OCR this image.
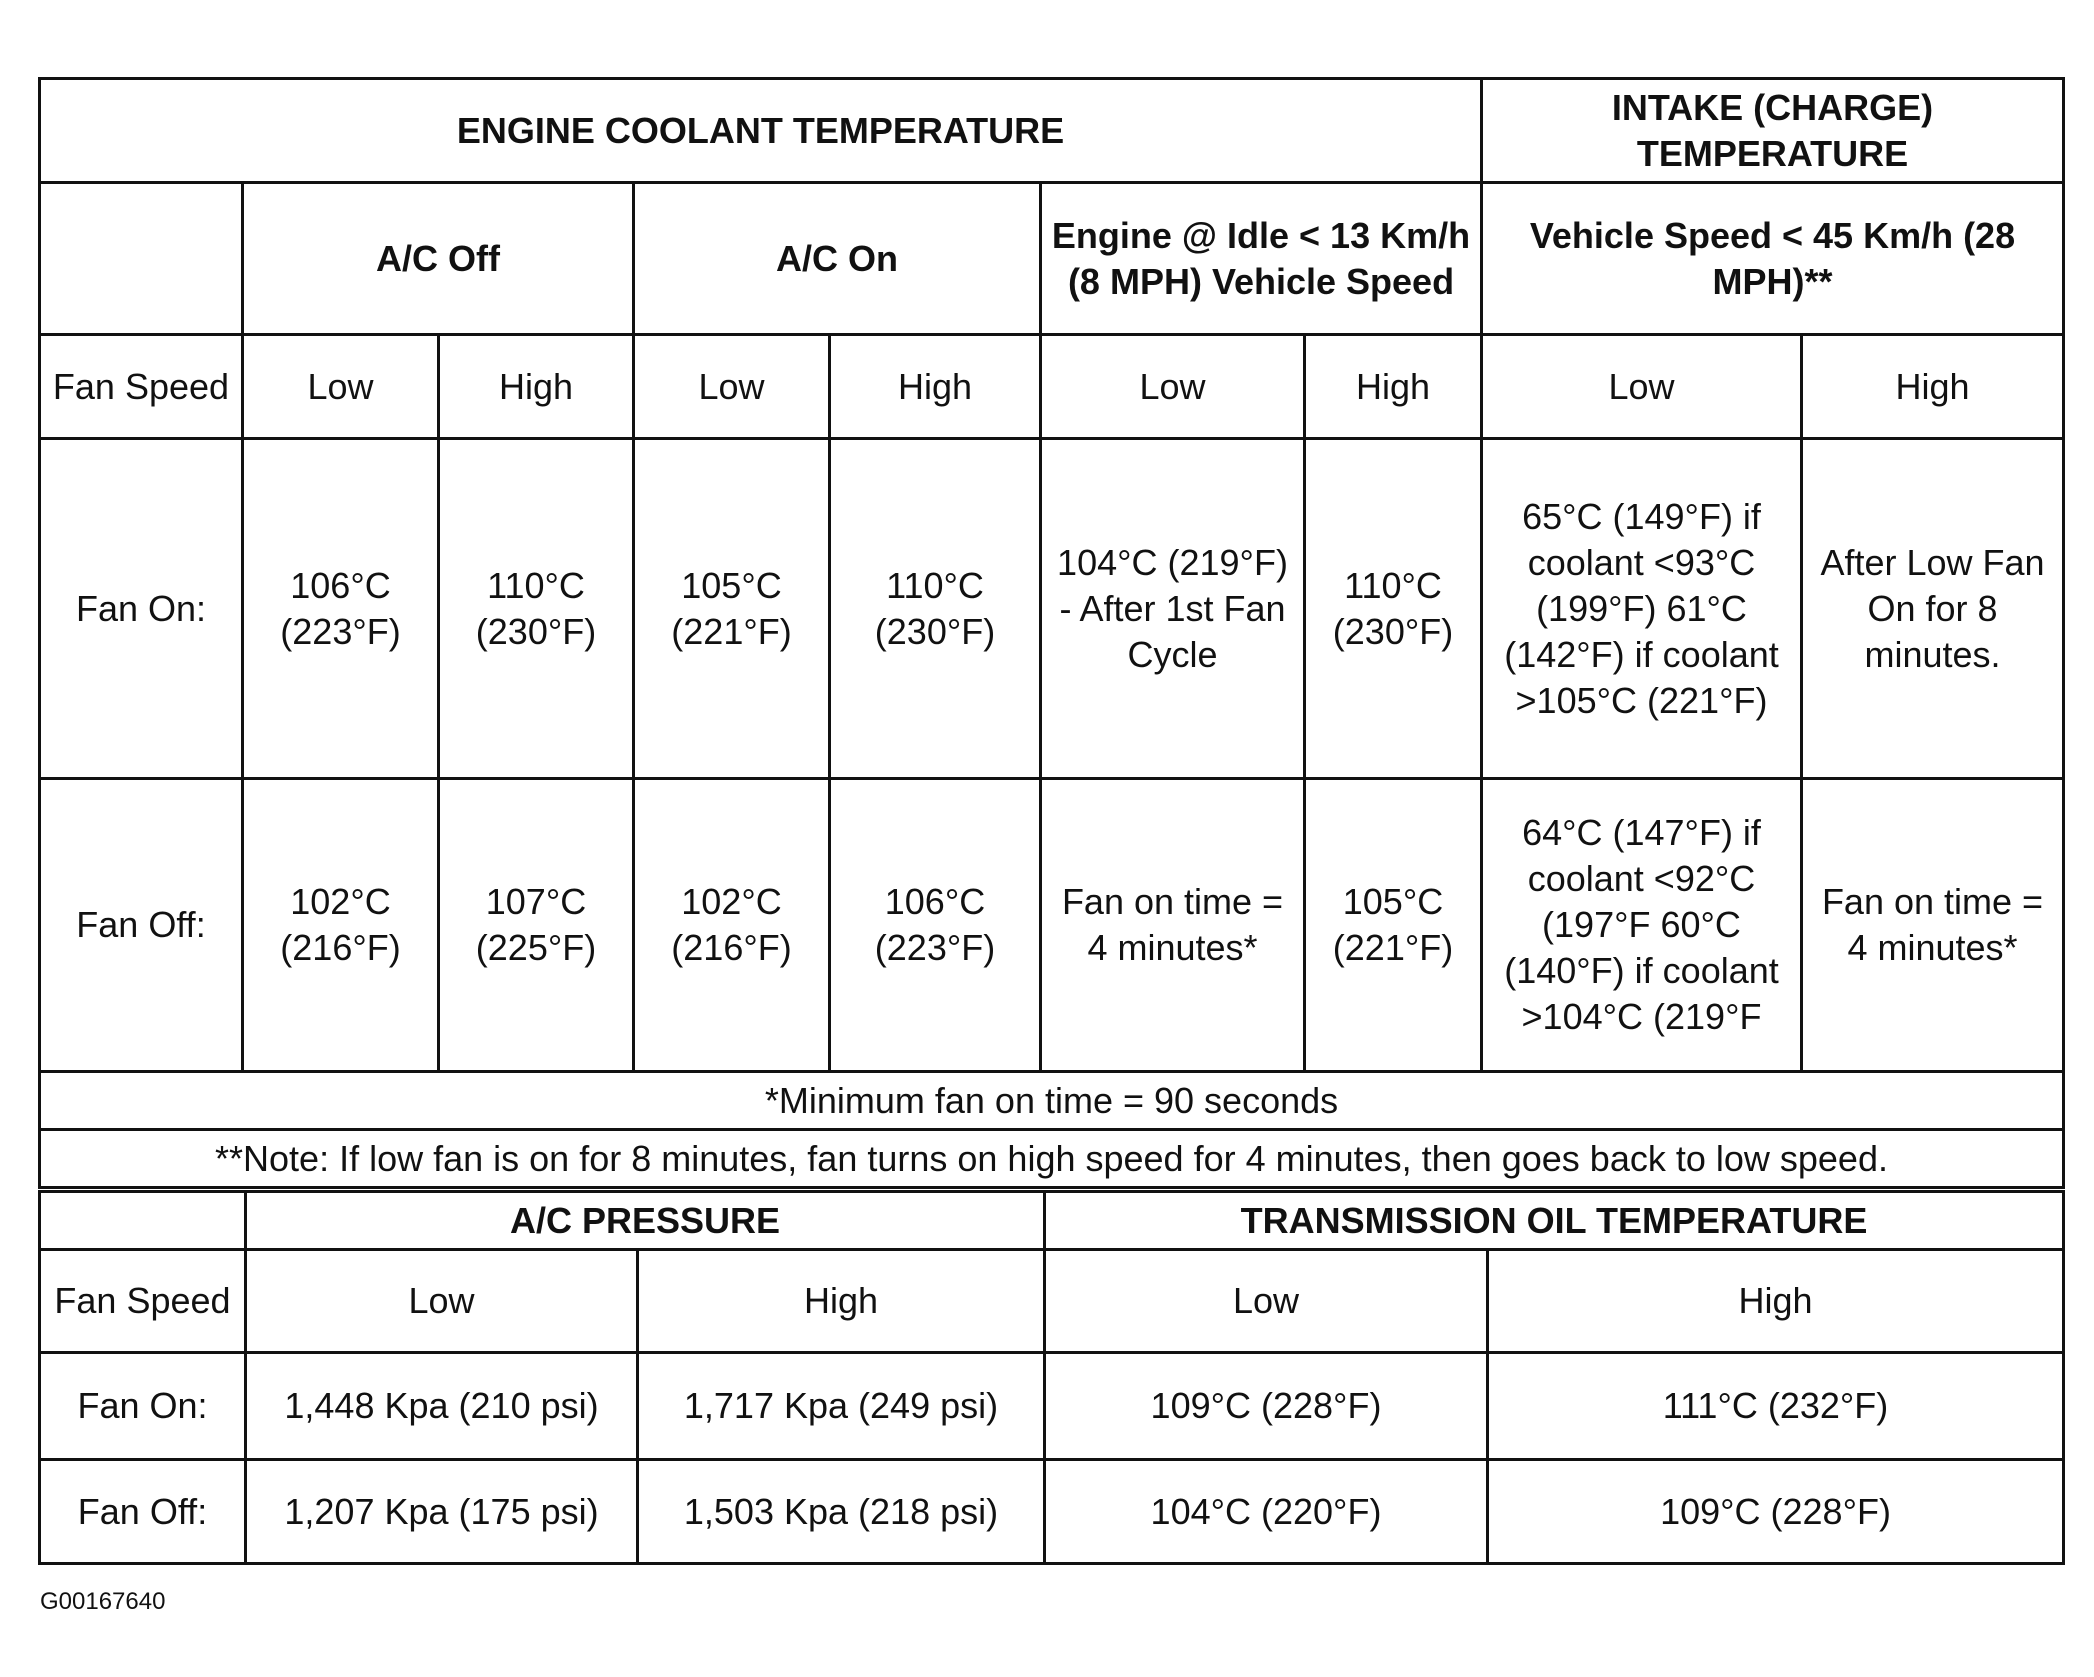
ENGINE COOLANT TEMPERATURE							INTAKE (CHARGE) TEMPERATURE	
	A/C Off		A/C On		Engine @ Idle < 13 Km/h (8 MPH) Vehicle Speed		Vehicle Speed < 45 Km/h (28 MPH)**	
Fan Speed	Low	High	Low	High	Low	High	Low	High
Fan On:	106°C (223°F)	110°C (230°F)	105°C (221°F)	110°C (230°F)	104°C (219°F) - After 1st Fan Cycle	110°C (230°F)	65°C (149°F) if coolant <93°C (199°F) 61°C (142°F) if coolant >105°C (221°F)	After Low Fan On for 8 minutes.
Fan Off:	102°C (216°F)	107°C (225°F)	102°C (216°F)	106°C (223°F)	Fan on time = 4 minutes*	105°C (221°F)	64°C (147°F) if coolant <92°C (197°F 60°C (140°F) if coolant >104°C (219°F	Fan on time = 4 minutes*
*Minimum fan on time = 90 seconds								
**Note: If low fan is on for 8 minutes, fan turns on high speed for 4 minutes, then goes back to low speed.								
	A/C PRESSURE		TRANSMISSION OIL TEMPERATURE	
Fan Speed	Low	High	Low	High
Fan On:	1,448 Kpa (210 psi)	1,717 Kpa (249 psi)	109°C (228°F)	111°C (232°F)
Fan Off:	1,207 Kpa (175 psi)	1,503 Kpa (218 psi)	104°C (220°F)	109°C (228°F)
G00167640
